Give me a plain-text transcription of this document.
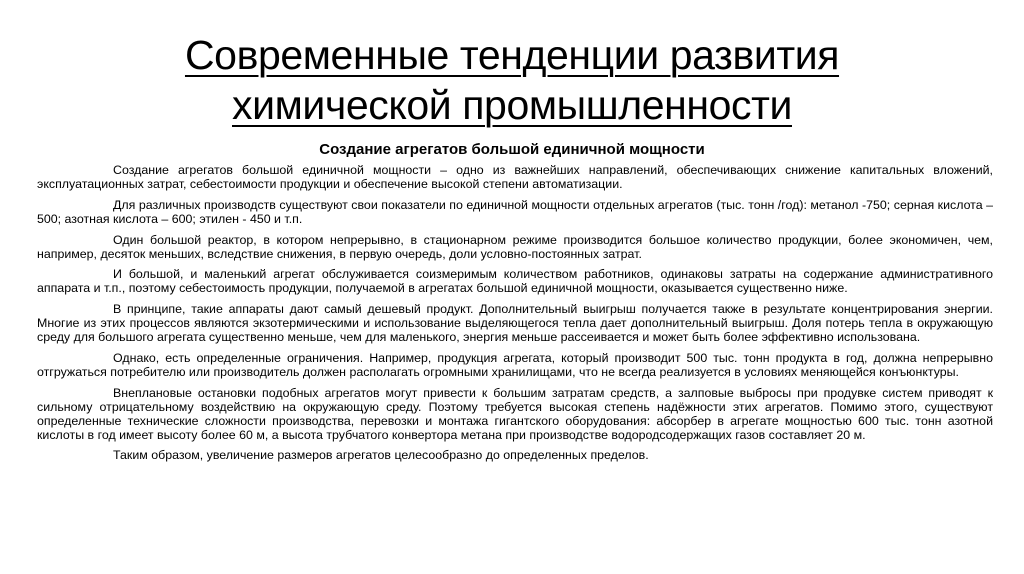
Современные тенденции развития
химической промышленности
Создание агрегатов большой единичной мощности

Создание агрегатов большой единичной мощности – одно из важнейших направлений, обеспечивающих снижение капитальных вложений, эксплуатационных затрат, себестоимости продукции и обеспечение высокой степени автоматизации.

Для различных производств существуют свои показатели по единичной мощности отдельных агрегатов (тыс. тонн /год): метанол -750; серная кислота – 500; азотная кислота – 600; этилен - 450 и т.п.

Один большой реактор, в котором непрерывно, в стационарном режиме производится большое количество продукции, более экономичен, чем, например, десяток меньших, вследствие снижения, в первую очередь, доли условно-постоянных затрат.

И большой, и маленький агрегат обслуживается соизмеримым количеством работников, одинаковы затраты на содержание административного аппарата и т.п., поэтому себестоимость продукции, получаемой в агрегатах большой единичной мощности, оказывается существенно ниже.

В принципе, такие аппараты дают самый дешевый продукт. Дополнительный выигрыш получается также в результате концентрирования энергии. Многие из этих процессов являются экзотермическими и использование выделяющегося тепла дает дополнительный выигрыш. Доля потерь тепла в окружающую среду для большого агрегата существенно меньше, чем для маленького, энергия меньше рассеивается и может быть более эффективно использована.

Однако, есть определенные ограничения. Например, продукция агрегата, который производит 500 тыс. тонн продукта в год, должна непрерывно отгружаться потребителю или производитель должен располагать огромными хранилищами, что не всегда реализуется в условиях меняющейся конъюнктуры.

Внеплановые остановки подобных агрегатов могут привести к большим затратам средств, а залповые выбросы при продувке систем приводят к сильному отрицательному воздействию на окружающую среду. Поэтому требуется высокая степень надёжности этих агрегатов. Помимо этого, существуют определенные технические сложности производства, перевозки и монтажа гигантского оборудования: абсорбер в агрегате мощностью 600 тыс. тонн азотной кислоты в год имеет высоту более 60 м, а высота трубчатого конвертора метана при производстве водородсодержащих газов составляет 20 м.

Таким образом, увеличение размеров агрегатов целесообразно до определенных пределов.
